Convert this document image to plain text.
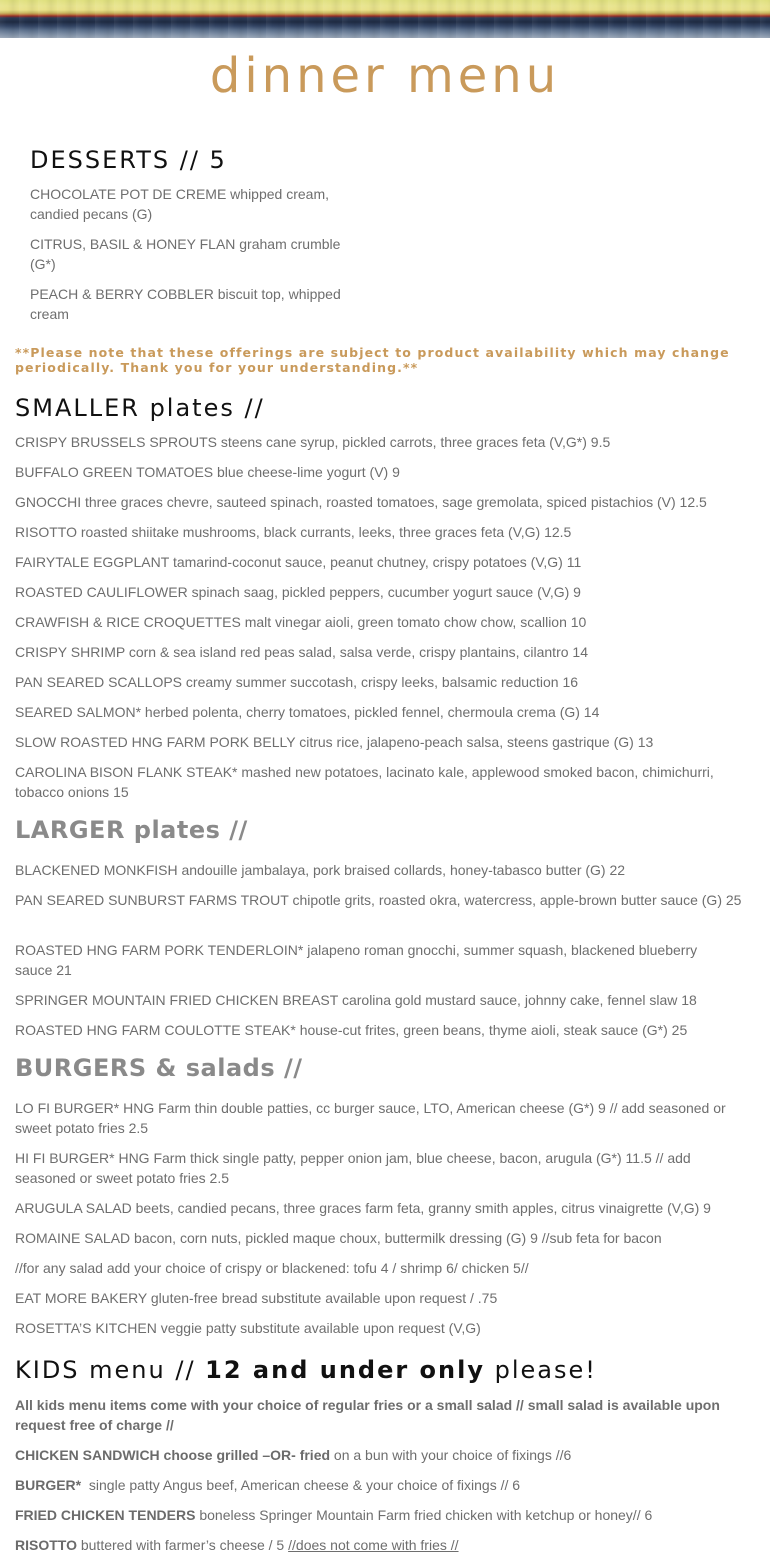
dinner menu
DESSERTS // 5
CHOCOLATE POT DE CREME whipped cream, candied pecans (G)
CITRUS, BASIL & HONEY FLAN graham crumble (G*)
PEACH & BERRY COBBLER biscuit top, whipped cream
**Please note that these offerings are subject to product availability which may change periodically. Thank you for your understanding.**
SMALLER plates //
CRISPY BRUSSELS SPROUTS steens cane syrup, pickled carrots, three graces feta (V,G*) 9.5
BUFFALO GREEN TOMATOES blue cheese-lime yogurt (V) 9
GNOCCHI three graces chevre, sauteed spinach, roasted tomatoes, sage gremolata, spiced pistachios (V) 12.5
RISOTTO roasted shiitake mushrooms, black currants, leeks, three graces feta (V,G) 12.5
FAIRYTALE EGGPLANT tamarind-coconut sauce, peanut chutney, crispy potatoes (V,G) 11
ROASTED CAULIFLOWER spinach saag, pickled peppers, cucumber yogurt sauce (V,G) 9
CRAWFISH & RICE CROQUETTES malt vinegar aioli, green tomato chow chow, scallion 10
CRISPY SHRIMP corn & sea island red peas salad, salsa verde, crispy plantains, cilantro 14
PAN SEARED SCALLOPS creamy summer succotash, crispy leeks, balsamic reduction 16
SEARED SALMON* herbed polenta, cherry tomatoes, pickled fennel, chermoula crema (G) 14
SLOW ROASTED HNG FARM PORK BELLY citrus rice, jalapeno-peach salsa, steens gastrique (G) 13
CAROLINA BISON FLANK STEAK* mashed new potatoes, lacinato kale, applewood smoked bacon, chimichurri, tobacco onions 15
LARGER plates //
BLACKENED MONKFISH andouille jambalaya, pork braised collards, honey-tabasco butter (G) 22
PAN SEARED SUNBURST FARMS TROUT chipotle grits, roasted okra, watercress, apple-brown butter sauce (G) 25
ROASTED HNG FARM PORK TENDERLOIN* jalapeno roman gnocchi, summer squash, blackened blueberry sauce 21
SPRINGER MOUNTAIN FRIED CHICKEN BREAST carolina gold mustard sauce, johnny cake, fennel slaw 18
ROASTED HNG FARM COULOTTE STEAK* house-cut frites, green beans, thyme aioli, steak sauce (G*) 25
BURGERS & salads //
LO FI BURGER* HNG Farm thin double patties, cc burger sauce, LTO, American cheese (G*) 9 // add seasoned or sweet potato fries 2.5
HI FI BURGER* HNG Farm thick single patty, pepper onion jam, blue cheese, bacon, arugula (G*) 11.5 // add seasoned or sweet potato fries 2.5
ARUGULA SALAD beets, candied pecans, three graces farm feta, granny smith apples, citrus vinaigrette (V,G) 9
ROMAINE SALAD bacon, corn nuts, pickled maque choux, buttermilk dressing (G) 9 //sub feta for bacon
//for any salad add your choice of crispy or blackened: tofu 4 / shrimp 6/ chicken 5//
EAT MORE BAKERY gluten-free bread substitute available upon request / .75
ROSETTA’S KITCHEN veggie patty substitute available upon request (V,G)
KIDS menu // 12 and under only please!
All kids menu items come with your choice of regular fries or a small salad // small salad is available upon request free of charge //
CHICKEN SANDWICH choose grilled –OR- fried on a bun with your choice of fixings //6
BURGER*  single patty Angus beef, American cheese & your choice of fixings // 6
FRIED CHICKEN TENDERS boneless Springer Mountain Farm fried chicken with ketchup or honey// 6
RISOTTO buttered with farmer’s cheese / 5 //does not come with fries //
